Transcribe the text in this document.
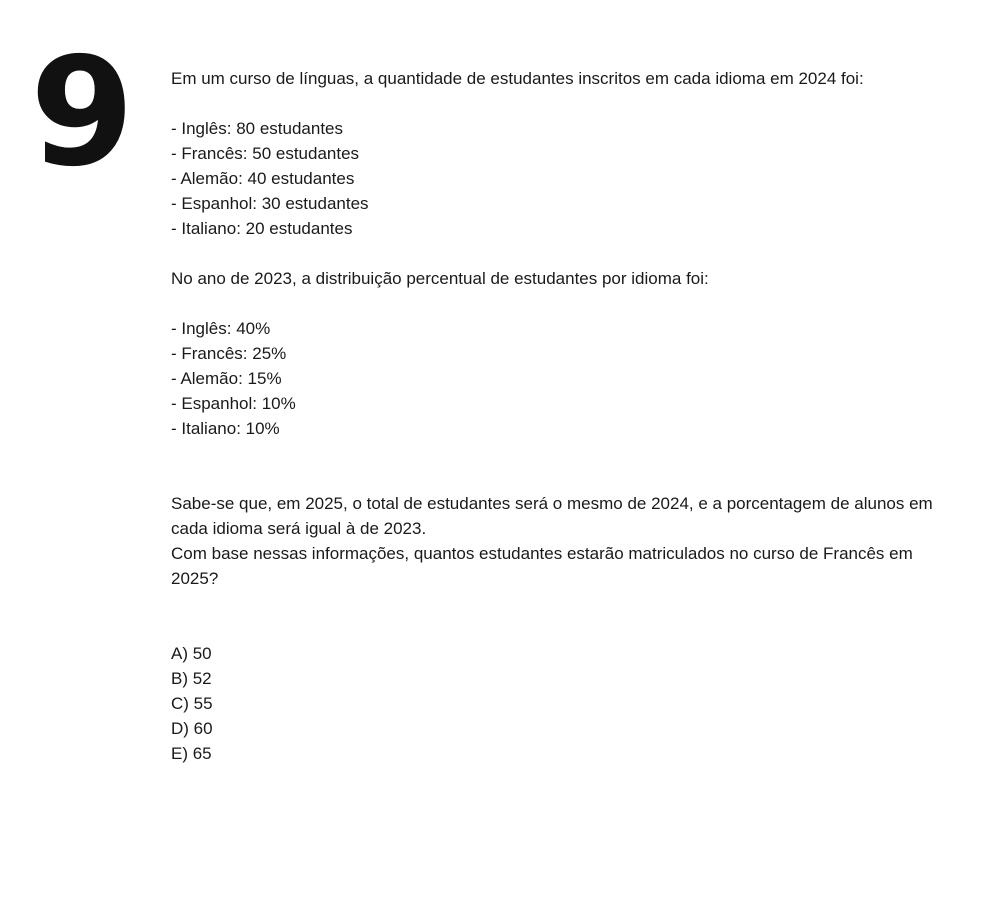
9 Em um curso de línguas, a quantidade de estudantes inscritos em cada idioma em 2024 foi:

- Inglês: 80 estudantes
- Francês: 50 estudantes
- Alemão: 40 estudantes
- Espanhol: 30 estudantes
- Italiano: 20 estudantes

No ano de 2023, a distribuição percentual de estudantes por idioma foi:

- Inglês: 40%
- Francês: 25%
- Alemão: 15%
- Espanhol: 10%
- Italiano: 10%

Sabe-se que, em 2025, o total de estudantes será o mesmo de 2024, e a porcentagem de alunos em cada idioma será igual à de 2023.

Com base nessas informações, quantos estudantes estarão matriculados no curso de Francês em 2025?

A) 50
B) 52
C) 55
D) 60
E) 65
